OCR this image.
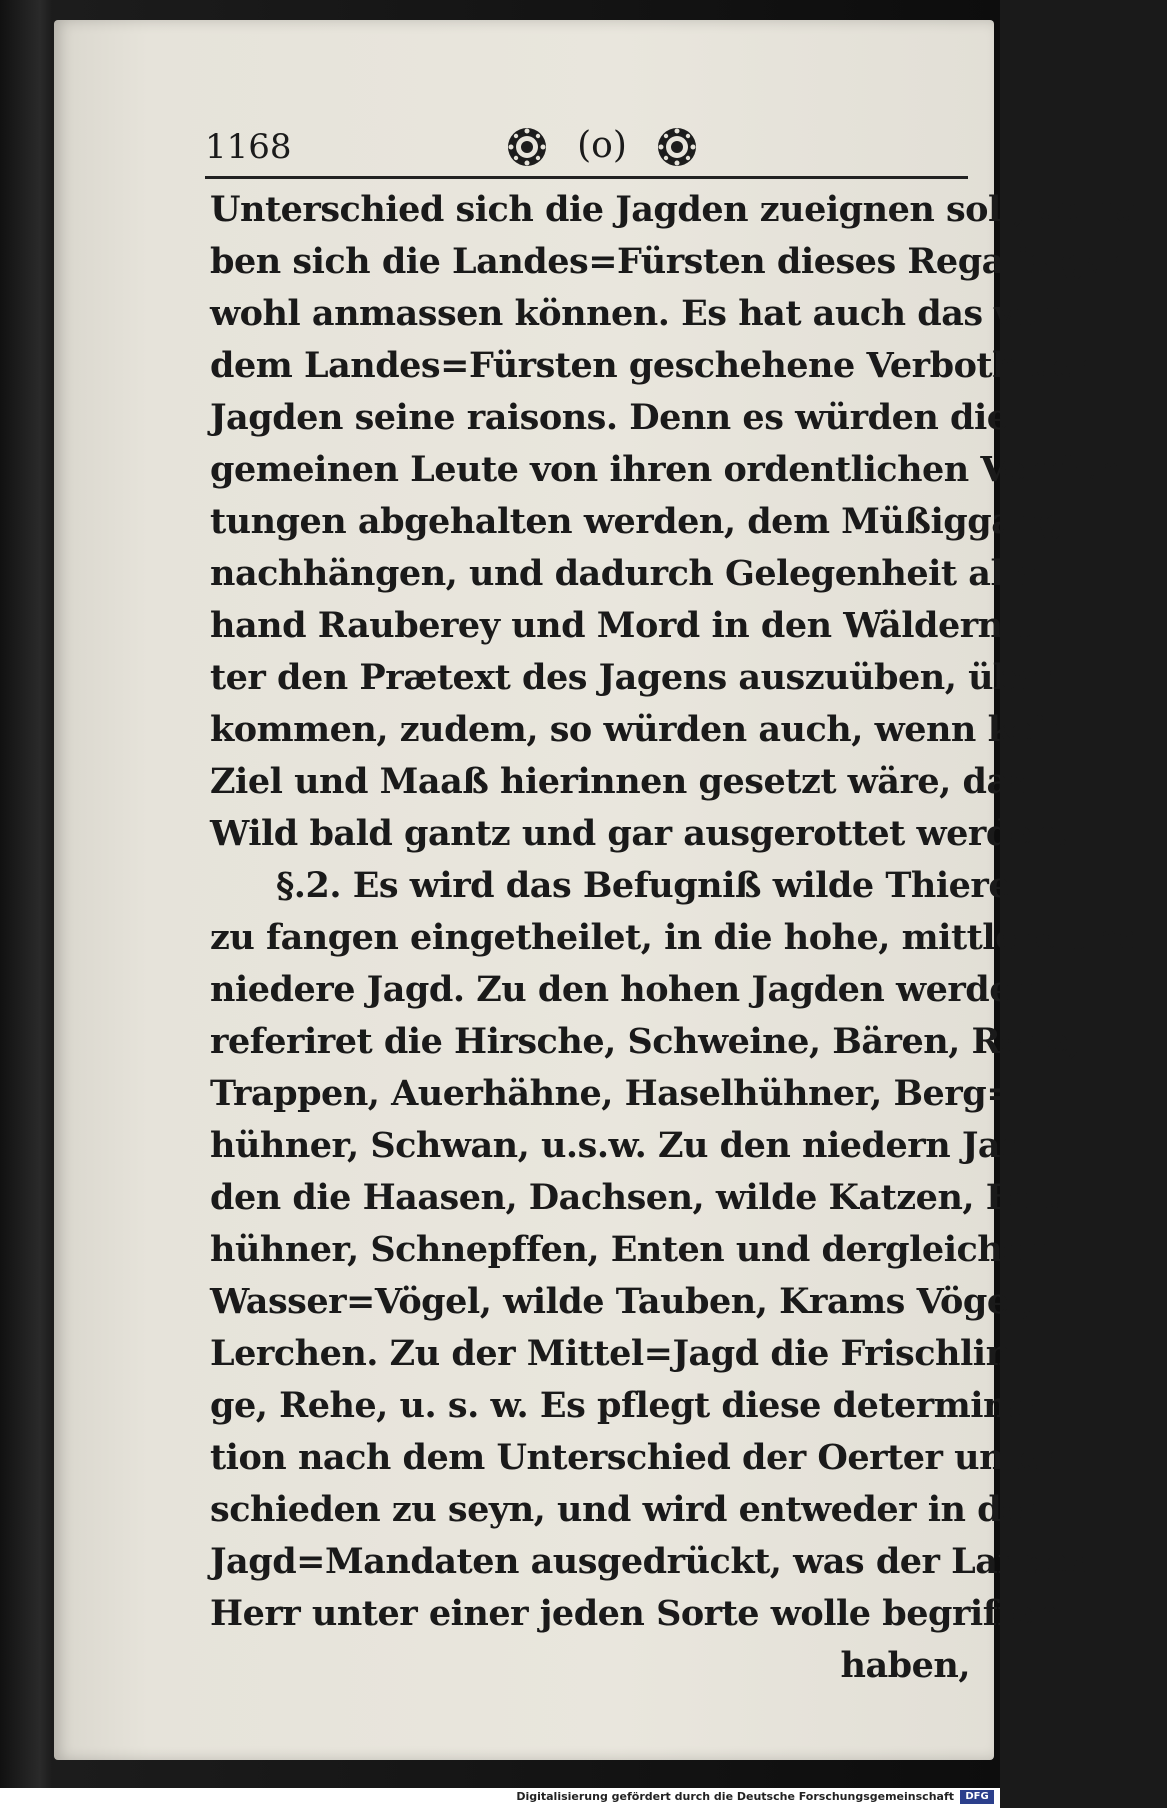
1168	(o)
Unterschied sich die Jagden zueignen soll, so ha=
ben sich die Landes=Fürsten dieses Regalis gar
wohl anmassen können. Es hat auch das von
dem Landes=Fürsten geschehene Verboth der
Jagden seine raisons. Denn es würden die
gemeinen Leute von ihren ordentlichen Verrich=
tungen abgehalten werden, dem Müßiggang
nachhängen, und dadurch Gelegenheit aller=
hand Rauberey und Mord in den Wäldern un=
ter den Prætext des Jagens auszuüben, über=
kommen, zudem, so würden auch, wenn kein
Ziel und Maaß hierinnen gesetzt wäre, das
Wild bald gantz und gar ausgerottet werden.
§.2. Es wird das Befugniß wilde Thiere
zu fangen eingetheilet, in die hohe, mittlere und
niedere Jagd. Zu den hohen Jagden werden
referiret die Hirsche, Schweine, Bären, Rehe,
Trappen, Auerhähne, Haselhühner, Berg=
hühner, Schwan, u.s.w. Zu den niedern Jag=
den die Haasen, Dachsen, wilde Katzen, Feld=
hühner, Schnepffen, Enten und dergleichen
Wasser=Vögel, wilde Tauben, Krams Vögel,
Lerchen. Zu der Mittel=Jagd die Frischlin=
ge, Rehe, u. s. w. Es pflegt diese determina-
tion nach dem Unterschied der Oerter unter=
schieden zu seyn, und wird entweder in den
Jagd=Mandaten ausgedrückt, was der Landes=
Herr unter einer jeden Sorte wolle begriffen
haben,
Digitalisierung gefördert durch die Deutsche Forschungsgemeinschaft	DFG
